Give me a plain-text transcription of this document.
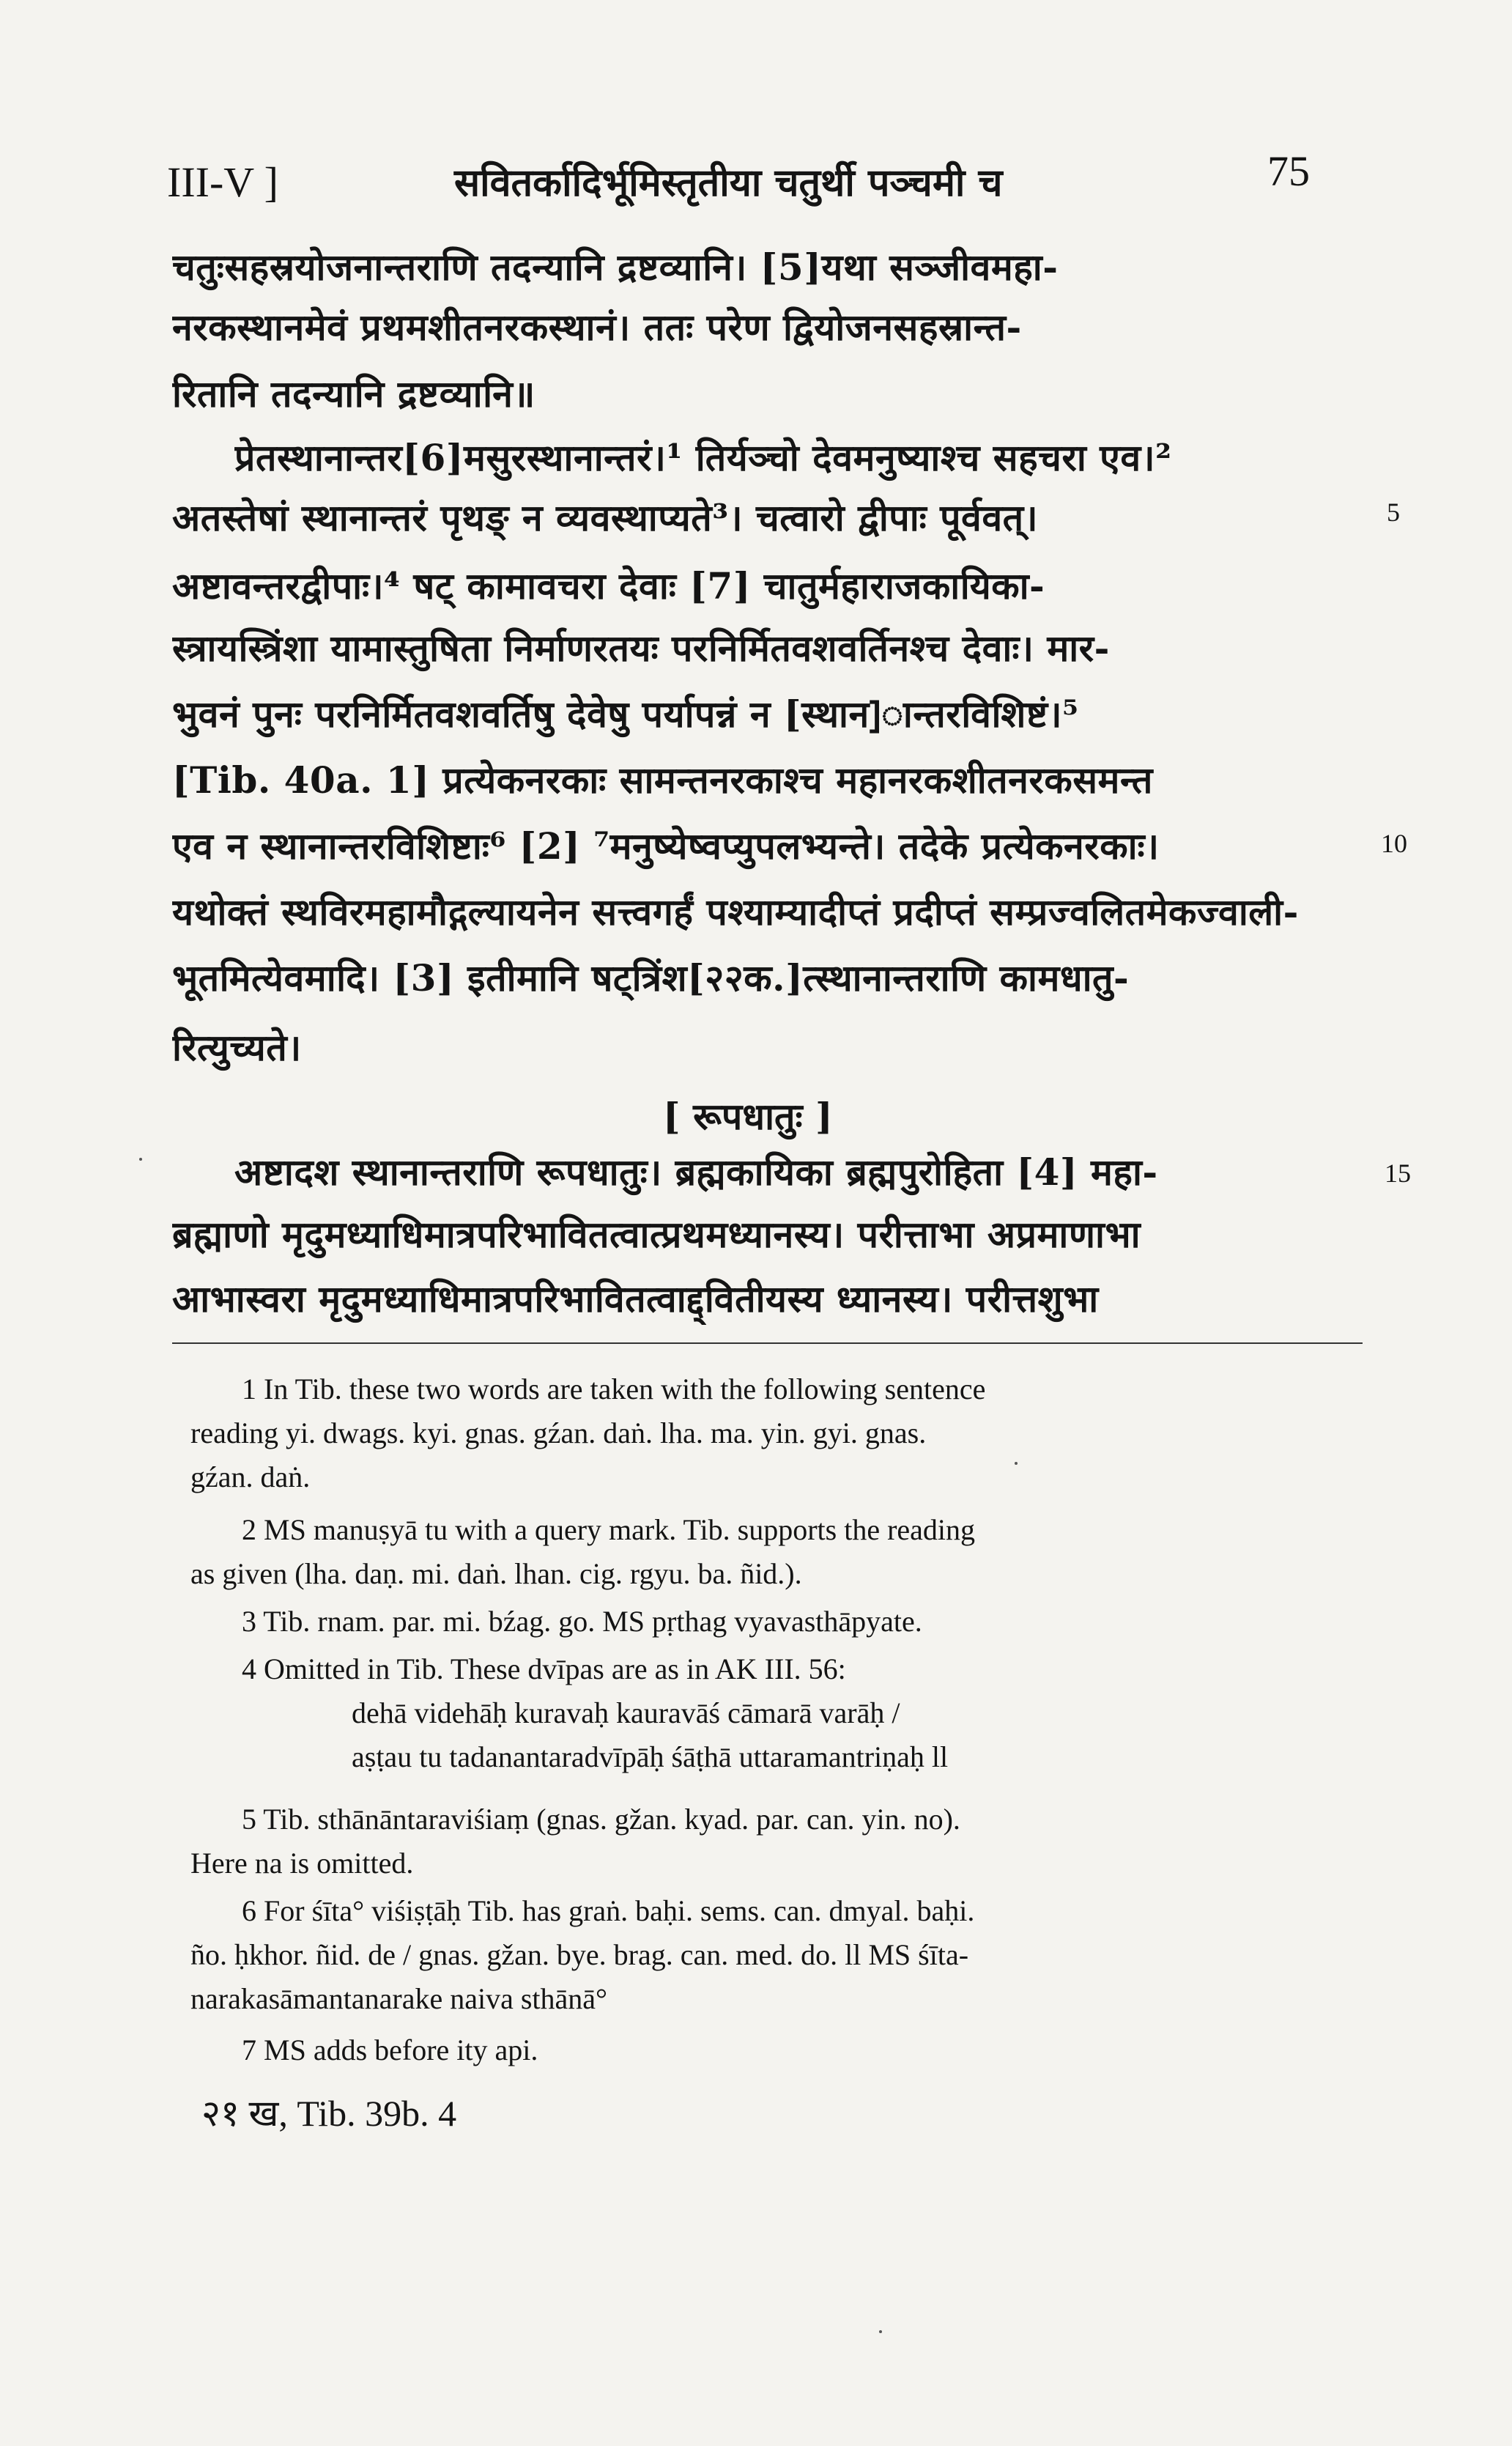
III-V ]	सवितर्कादिर्भूमिस्तृतीया चतुर्थी पञ्चमी च	75
चतुःसहस्रयोजनान्तराणि तदन्यानि द्रष्टव्यानि। [5]यथा सञ्जीवमहा-
नरकस्थानमेवं प्रथमशीतनरकस्थानं। ततः परेण द्वियोजनसहस्रान्त-
रितानि तदन्यानि द्रष्टव्यानि॥
प्रेतस्थानान्तर[6]मसुरस्थानान्तरं।¹ तिर्यञ्चो देवमनुष्याश्च सहचरा एव।²
अतस्तेषां स्थानान्तरं पृथङ् न व्यवस्थाप्यते³। चत्वारो द्वीपाः पूर्ववत्।
अष्टावन्तरद्वीपाः।⁴ षट् कामावचरा देवाः [7] चातुर्महाराजकायिका-
स्त्रायस्त्रिंशा यामास्तुषिता निर्माणरतयः परनिर्मितवशवर्तिनश्च देवाः। मार-
भुवनं पुनः परनिर्मितवशवर्तिषु देवेषु पर्यापन्नं न [स्थान]ान्तरविशिष्टं।⁵
[Tib. 40a. 1] प्रत्येकनरकाः सामन्तनरकाश्च महानरकशीतनरकसमन्त
एव न स्थानान्तरविशिष्टाः⁶ [2] ⁷मनुष्येष्वप्युपलभ्यन्ते। तदेके प्रत्येकनरकाः।
यथोक्तं स्थविरमहामौद्गल्यायनेन सत्त्वगर्हं पश्याम्यादीप्तं प्रदीप्तं सम्प्रज्वलितमेकज्वाली-
भूतमित्येवमादि। [3] इतीमानि षट्त्रिंश[२२क.]त्स्थानान्तराणि कामधातु-
रित्युच्यते।
[ रूपधातुः ]
अष्टादश स्थानान्तराणि रूपधातुः। ब्रह्मकायिका ब्रह्मपुरोहिता [4] महा-
ब्रह्माणो मृदुमध्याधिमात्रपरिभावितत्वात्प्रथमध्यानस्य। परीत्ताभा अप्रमाणाभा
आभास्वरा मृदुमध्याधिमात्रपरिभावितत्वाद्द्वितीयस्य ध्यानस्य। परीत्तशुभा
5
10
15
1 In Tib. these two words are taken with the following sentence
reading yi. dwags. kyi. gnas. gźan. daṅ. lha. ma. yin. gyi. gnas.
gźan. daṅ.
2 MS manuṣyā tu with a query mark. Tib. supports the reading
as given (lha. daṇ. mi. daṅ. lhan. cig. rgyu. ba. ñid.).
3 Tib. rnam. par. mi. bźag. go. MS pṛthag vyavasthāpyate.
4 Omitted in Tib. These dvīpas are as in AK III. 56:
dehā videhāḥ kuravaḥ kauravāś cāmarā varāḥ /
aṣṭau tu tadanantaradvīpāḥ śāṭhā uttaramantriṇaḥ ll
5 Tib. sthānāntaraviśiaṃ (gnas. gžan. kyad. par. can. yin. no).
Here na is omitted.
6 For śīta° viśiṣṭāḥ Tib. has graṅ. baḥi. sems. can. dmyal. baḥi.
ño. ḥkhor. ñid. de / gnas. gžan. bye. brag. can. med. do. ll MS śīta-
narakasāmantanarake naiva sthānā°
7 MS adds before ity api.
२१ ख, Tib. 39b. 4
